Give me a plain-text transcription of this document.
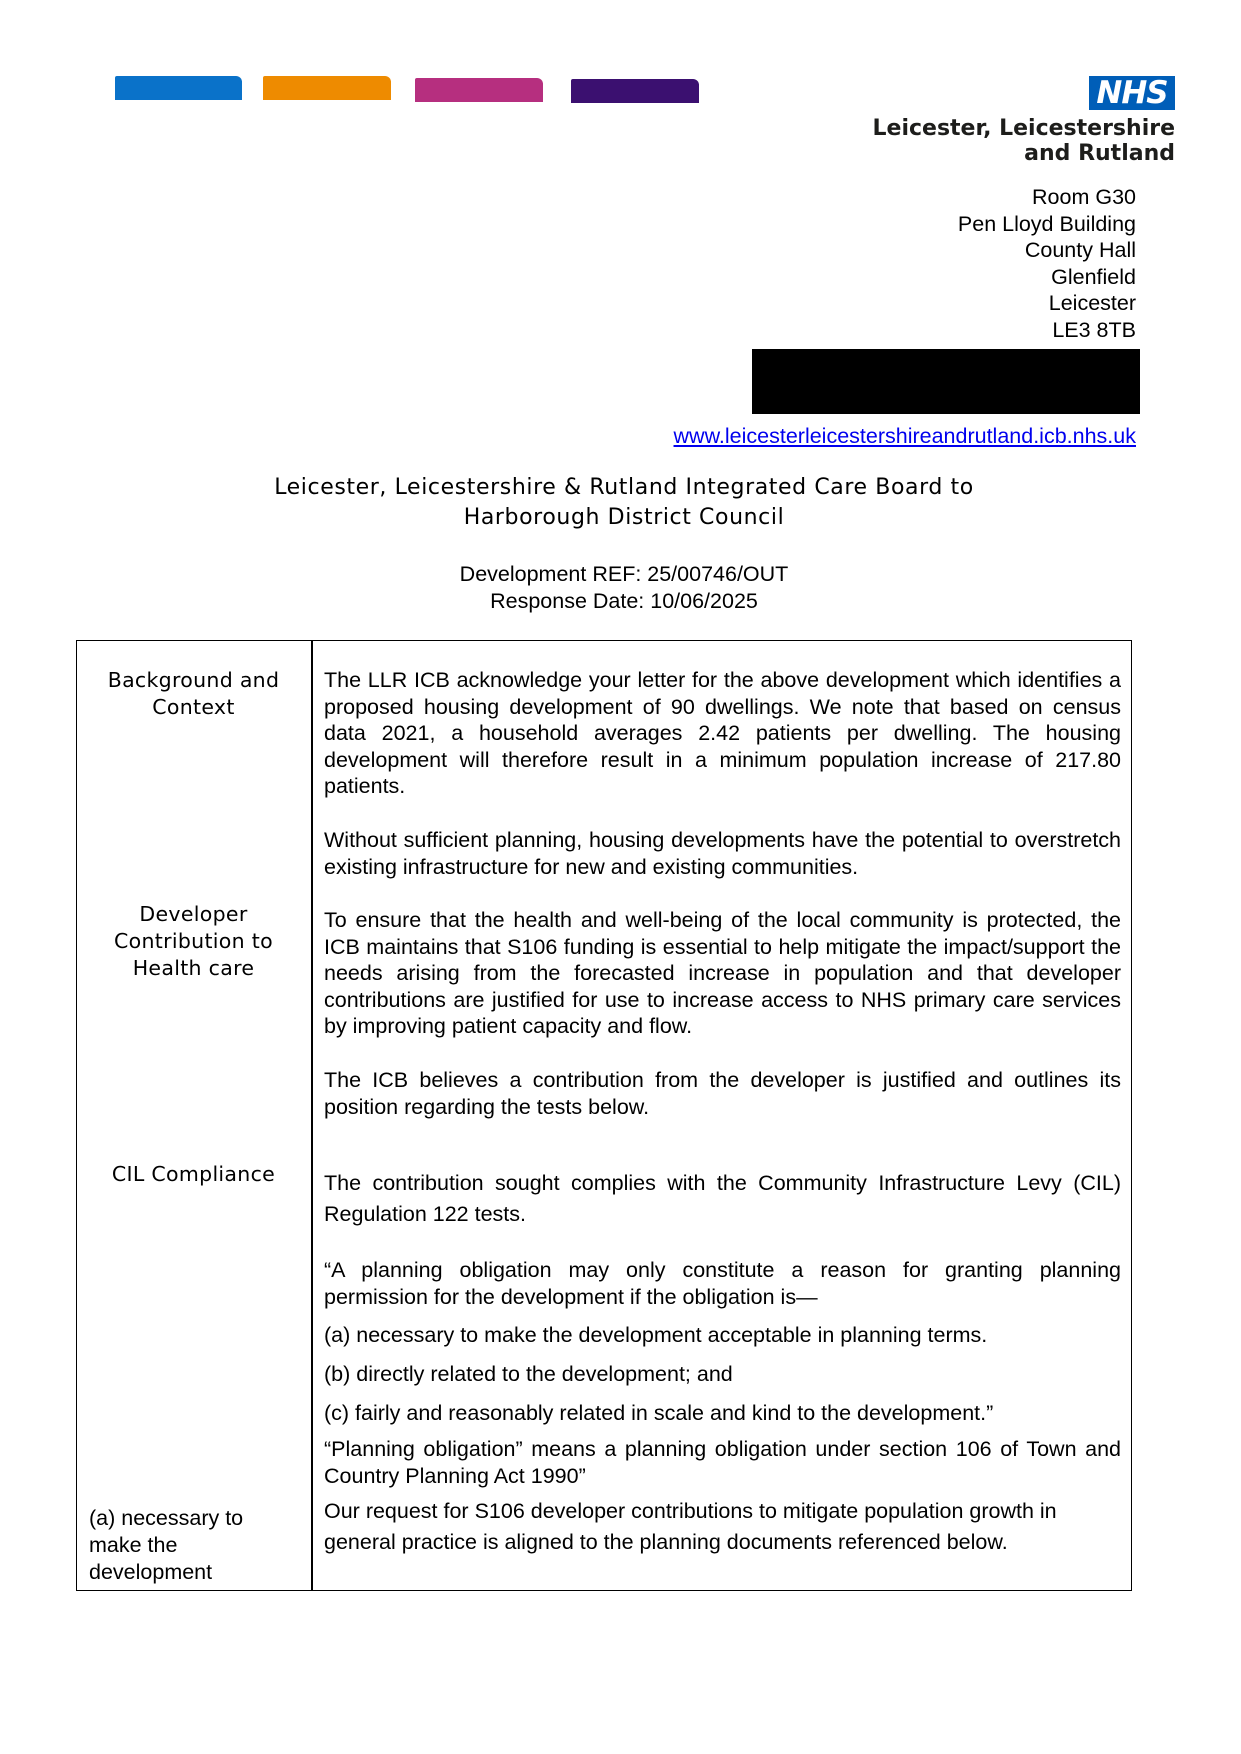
NHS
Leicester, Leicestershire
and Rutland
Room G30
Pen Lloyd Building
County Hall
Glenfield
Leicester
LE3 8TB
www.leicesterleicestershireandrutland.icb.nhs.uk
Leicester, Leicestershire & Rutland Integrated Care Board to
Harborough District Council
Development REF: 25/00746/OUT
Response Date: 10/06/2025
Background and
Context
Developer
Contribution to
Health care
CIL Compliance
(a) necessary to
make the
development

The LLR ICB acknowledge your letter for the above development which identifies a proposed housing development of 90 dwellings. We note that based on census data 2021, a household averages 2.42 patients per dwelling. The housing development will therefore result in a minimum population increase of 217.80 patients.

Without sufficient planning, housing developments have the potential to overstretch existing infrastructure for new and existing communities.

To ensure that the health and well-being of the local community is protected, the ICB maintains that S106 funding is essential to help mitigate the impact/support the needs arising from the forecasted increase in population and that developer contributions are justified for use to increase access to NHS primary care services by improving patient capacity and flow.

The ICB believes a contribution from the developer is justified and outlines its position regarding the tests below.

The contribution sought complies with the Community Infrastructure Levy (CIL) Regulation 122 tests.

“A planning obligation may only constitute a reason for granting planning permission for the development if the obligation is—

(a) necessary to make the development acceptable in planning terms.

(b) directly related to the development; and

(c) fairly and reasonably related in scale and kind to the development.”

“Planning obligation” means a planning obligation under section 106 of Town and Country Planning Act 1990”

Our request for S106 developer contributions to mitigate population growth in general practice is aligned to the planning documents referenced below.
